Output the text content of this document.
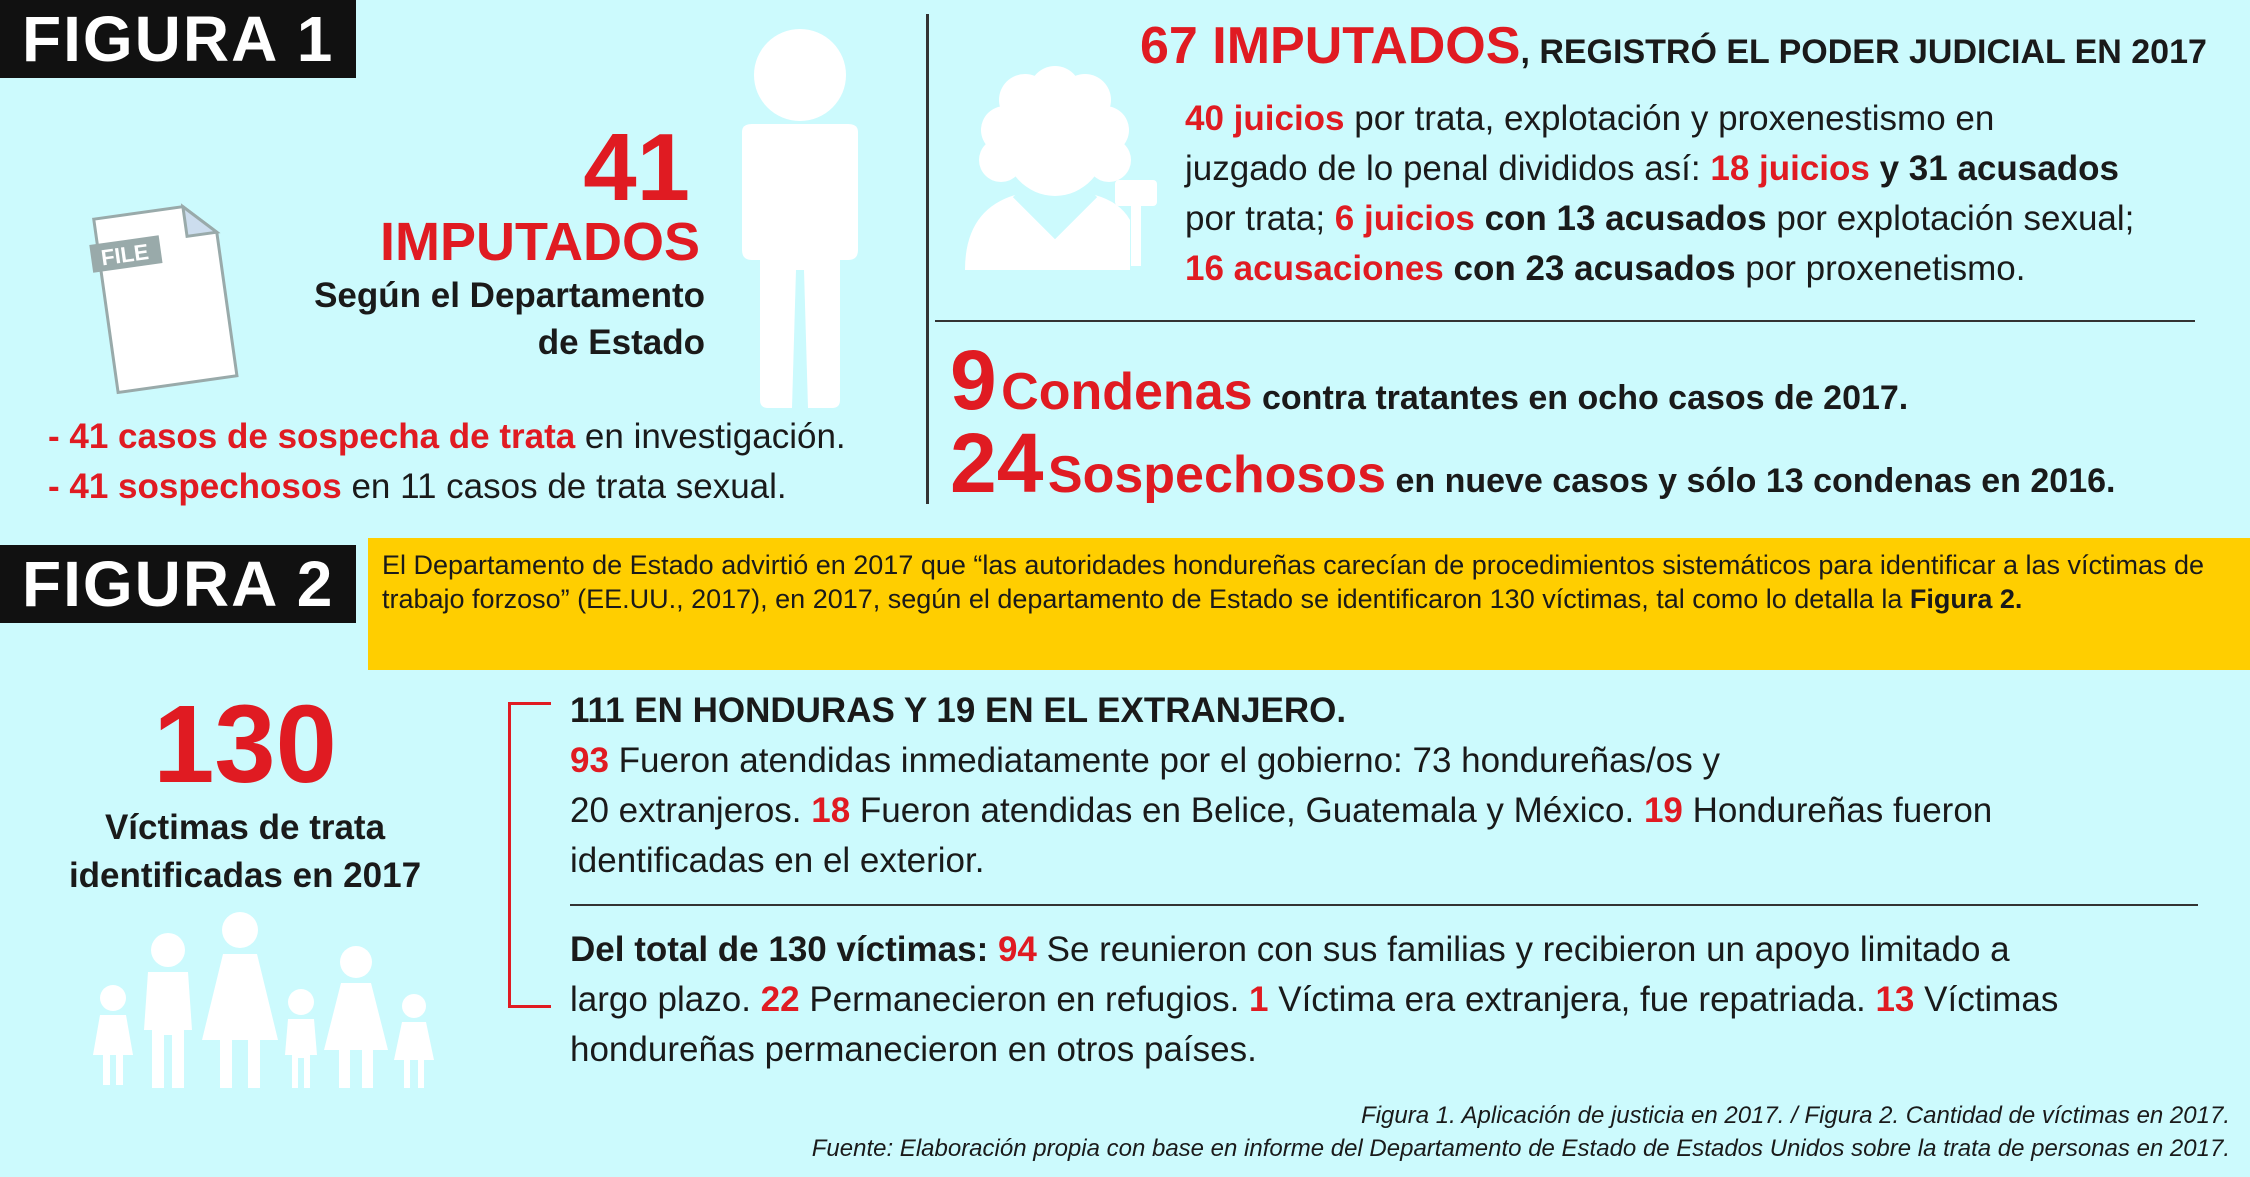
FIGURA 1
FILE
41
IMPUTADOS
Según el Departamento
de Estado
- 41 casos de sospecha de trata en investigación.
- 41 sospechosos en 11 casos de trata sexual.
67 IMPUTADOS, REGISTRÓ EL PODER JUDICIAL EN 2017
40 juicios por trata, explotación y proxenestismo en
juzgado de lo penal divididos así: 18 juicios y 31 acusados
por trata; 6 juicios con 13 acusados por explotación sexual;
16 acusaciones con 23 acusados por proxenetismo.
9 Condenas contra tratantes en ocho casos de 2017.
24 Sospechosos en nueve casos y sólo 13 condenas en 2016.
FIGURA 2	El Departamento de Estado advirtió en 2017 que “las autoridades hondureñas carecían de procedimientos sistemáticos para identificar a las víctimas de trabajo forzoso” (EE.UU., 2017), en 2017, según el departamento de Estado se identificaron 130 víctimas, tal como lo detalla la Figura 2.
130
Víctimas de trata
identificadas en 2017
111 EN HONDURAS Y 19 EN EL EXTRANJERO.
93 Fueron atendidas inmediatamente por el gobierno: 73 hondureñas/os y
20 extranjeros. 18 Fueron atendidas en Belice, Guatemala y México. 19 Hondureñas fueron
identificadas en el exterior.
Del total de 130 víctimas: 94 Se reunieron con sus familias y recibieron un apoyo limitado a
largo plazo. 22 Permanecieron en refugios. 1 Víctima era extranjera, fue repatriada. 13 Víctimas
hondureñas permanecieron en otros países.
Figura 1. Aplicación de justicia en 2017. / Figura 2. Cantidad de víctimas en 2017.
Fuente: Elaboración propia con base en informe del Departamento de Estado de Estados Unidos sobre la trata de personas en 2017.
